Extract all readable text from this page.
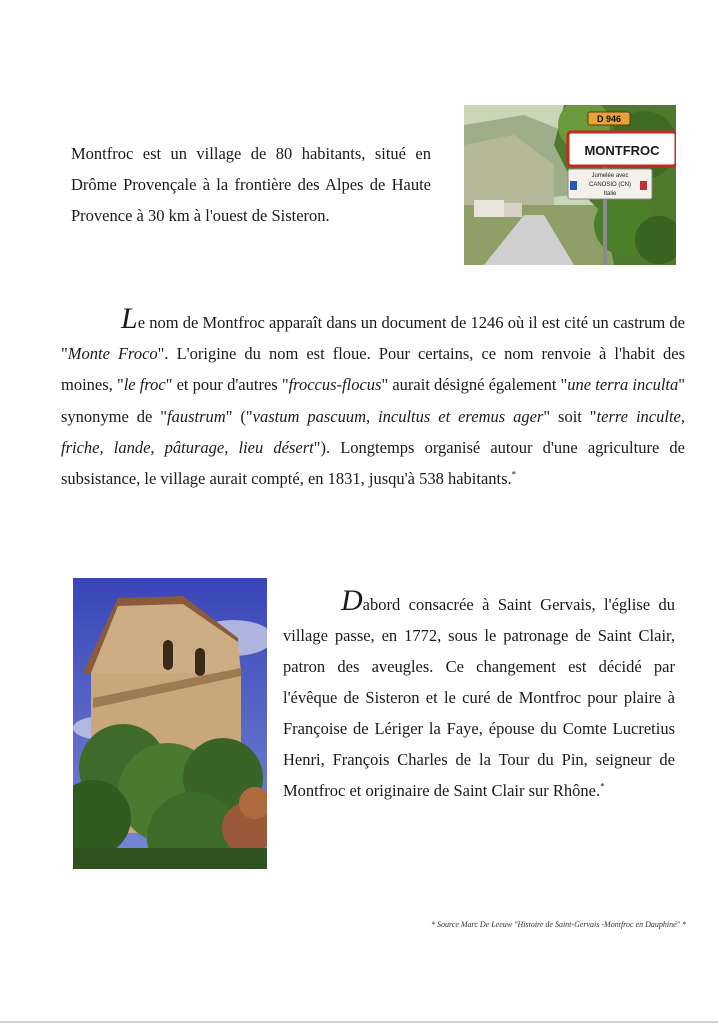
Montfroc est un village de 80 habitants, situé en Drôme Provençale à la frontière des Alpes de Haute Provence à 30 km à l'ouest de Sisteron.

D 946
MONTFROC
Jumelée avec
CANOSIO (CN)
Italie
Le nom de Montfroc apparaît dans un document de 1246 où il est cité un castrum de "Monte Froco". L'origine du nom est floue. Pour certains, ce nom renvoie à l'habit des moines, "le froc" et pour d'autres "froccus-flocus" aurait désigné également "une terra inculta" synonyme de "faustrum" ("vastum pascuum, incultus et eremus ager" soit "terre inculte, friche, lande, pâturage, lieu désert"). Longtemps organisé autour d'une agriculture de subsistance, le village aurait compté, en 1831, jusqu'à 538 habitants.*

Dabord consacrée à Saint Gervais, l'église du village passe, en 1772, sous le patronage de Saint Clair, patron des aveugles. Ce changement est décidé par l'évêque de Sisteron et le curé de Montfroc pour plaire à Françoise de Lériger la Faye, épouse du Comte Lucretius Henri, François Charles de la Tour du Pin, seigneur de Montfroc et originaire de Saint Clair sur Rhône.*

* Source Marc De Leeuw "Histoire de Saint-Gervais -Montfroc en Dauphiné" *
